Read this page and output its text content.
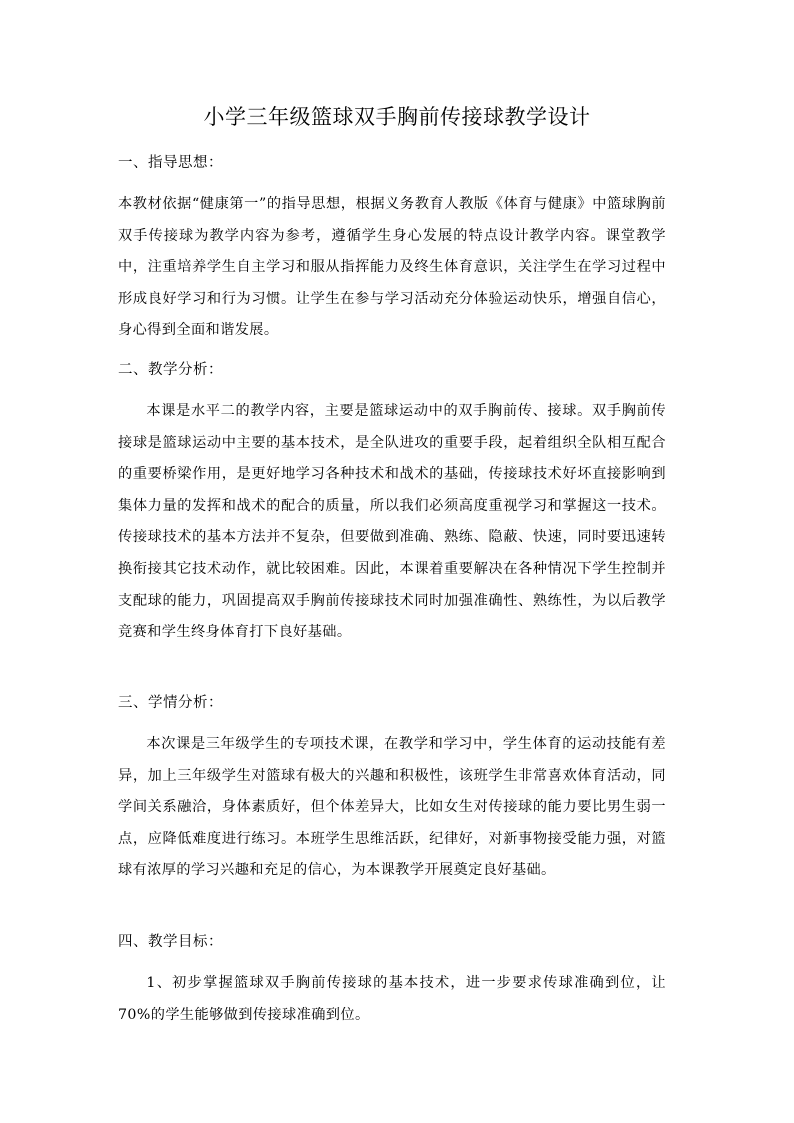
小学三年级篮球双手胸前传接球教学设计
一、指导思想：
本教材依据“健康第一”的指导思想，根据义务教育人教版《体育与健康》中篮球胸前双手传接球为教学内容为参考，遵循学生身心发展的特点设计教学内容。课堂教学中，注重培养学生自主学习和服从指挥能力及终生体育意识，关注学生在学习过程中形成良好学习和行为习惯。让学生在参与学习活动充分体验运动快乐，增强自信心，身心得到全面和谐发展。
二、教学分析：
本课是水平二的教学内容，主要是篮球运动中的双手胸前传、接球。双手胸前传接球是篮球运动中主要的基本技术，是全队进攻的重要手段，起着组织全队相互配合的重要桥梁作用，是更好地学习各种技术和战术的基础，传接球技术好坏直接影响到集体力量的发挥和战术的配合的质量，所以我们必须高度重视学习和掌握这一技术。传接球技术的基本方法并不复杂，但要做到准确、熟练、隐蔽、快速，同时要迅速转换衔接其它技术动作，就比较困难。因此，本课着重要解决在各种情况下学生控制并支配球的能力，巩固提高双手胸前传接球技术同时加强准确性、熟练性，为以后教学竞赛和学生终身体育打下良好基础。
三、学情分析：
本次课是三年级学生的专项技术课，在教学和学习中，学生体育的运动技能有差异，加上三年级学生对篮球有极大的兴趣和积极性，该班学生非常喜欢体育活动，同学间关系融洽，身体素质好，但个体差异大，比如女生对传接球的能力要比男生弱一点，应降低难度进行练习。本班学生思维活跃，纪律好，对新事物接受能力强，对篮球有浓厚的学习兴趣和充足的信心，为本课教学开展奠定良好基础。
四、教学目标：
1、初步掌握篮球双手胸前传接球的基本技术，进一步要求传球准确到位，让 70%的学生能够做到传接球准确到位。
